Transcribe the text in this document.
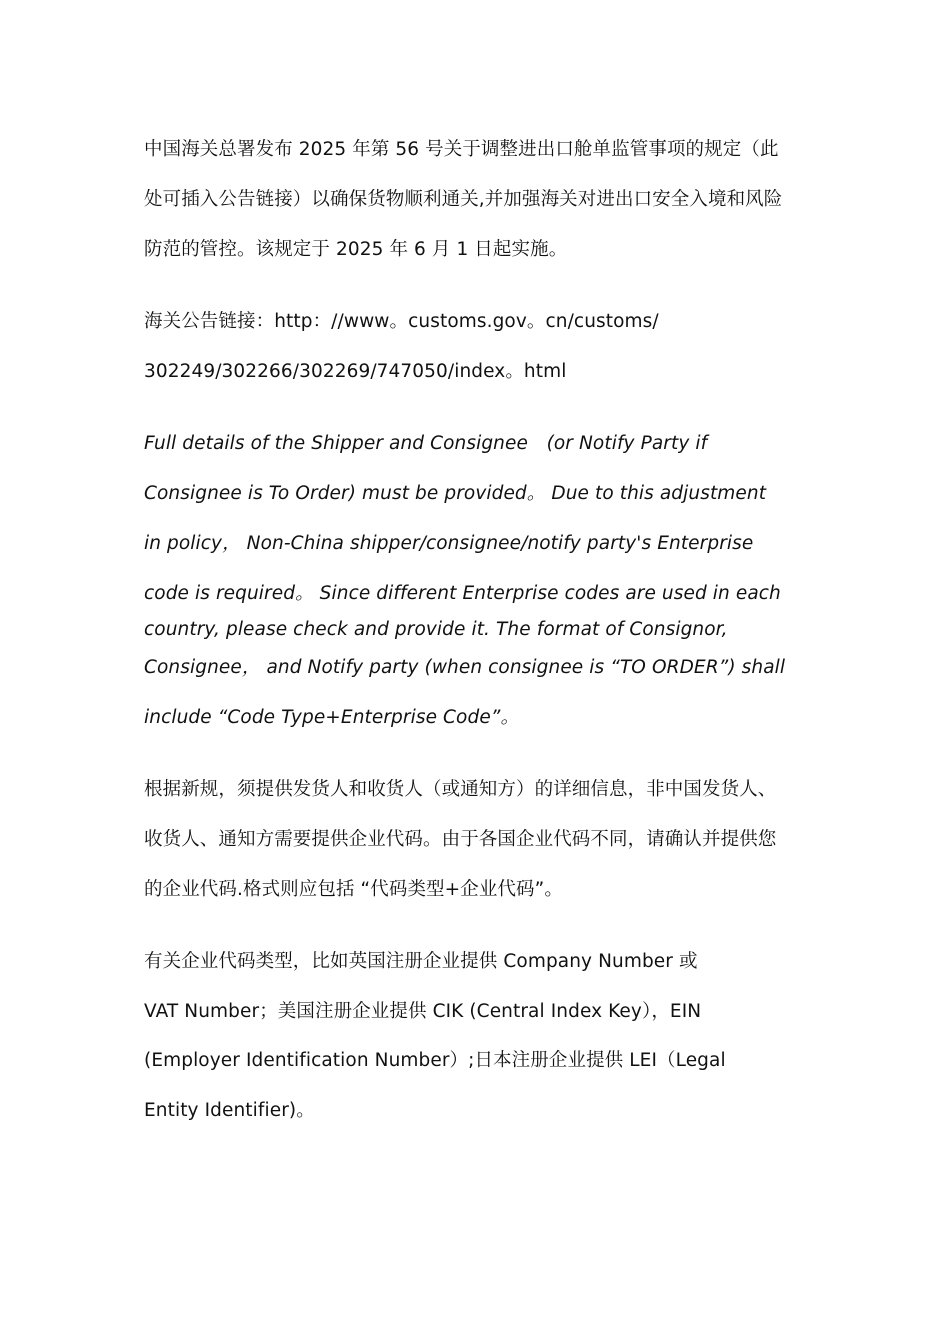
中国海关总署发布 2025 年第 56 号关于调整进出口舱单监管事项的规定（此
处可插入公告链接）以确保货物顺利通关,并加强海关对进出口安全入境和风险
防范的管控。该规定于 2025 年 6 月 1 日起实施。
海关公告链接：http：//www。customs.gov。cn/customs/
302249/302266/302269/747050/index。html
Full details of the Shipper and Consignee　(or Notify Party if
Consignee is To Order) must be provided。 Due to this adjustment
in policy， Non-China shipper/consignee/notify party's Enterprise
code is required。 Since different Enterprise codes are used in each
country, please check and provide it. The format of Consignor,
Consignee， and Notify party (when consignee is “TO ORDER”) shall
include “Code Type+Enterprise Code”。
根据新规，须提供发货人和收货人（或通知方）的详细信息，非中国发货人、
收货人、通知方需要提供企业代码。由于各国企业代码不同，请确认并提供您
的企业代码.格式则应包括 “代码类型+企业代码”。
有关企业代码类型，比如英国注册企业提供 Company Number 或
VAT Number；美国注册企业提供 CIK (Central Index Key），EIN
(Employer Identification Number）;日本注册企业提供 LEI（Legal
Entity Identifier)。
